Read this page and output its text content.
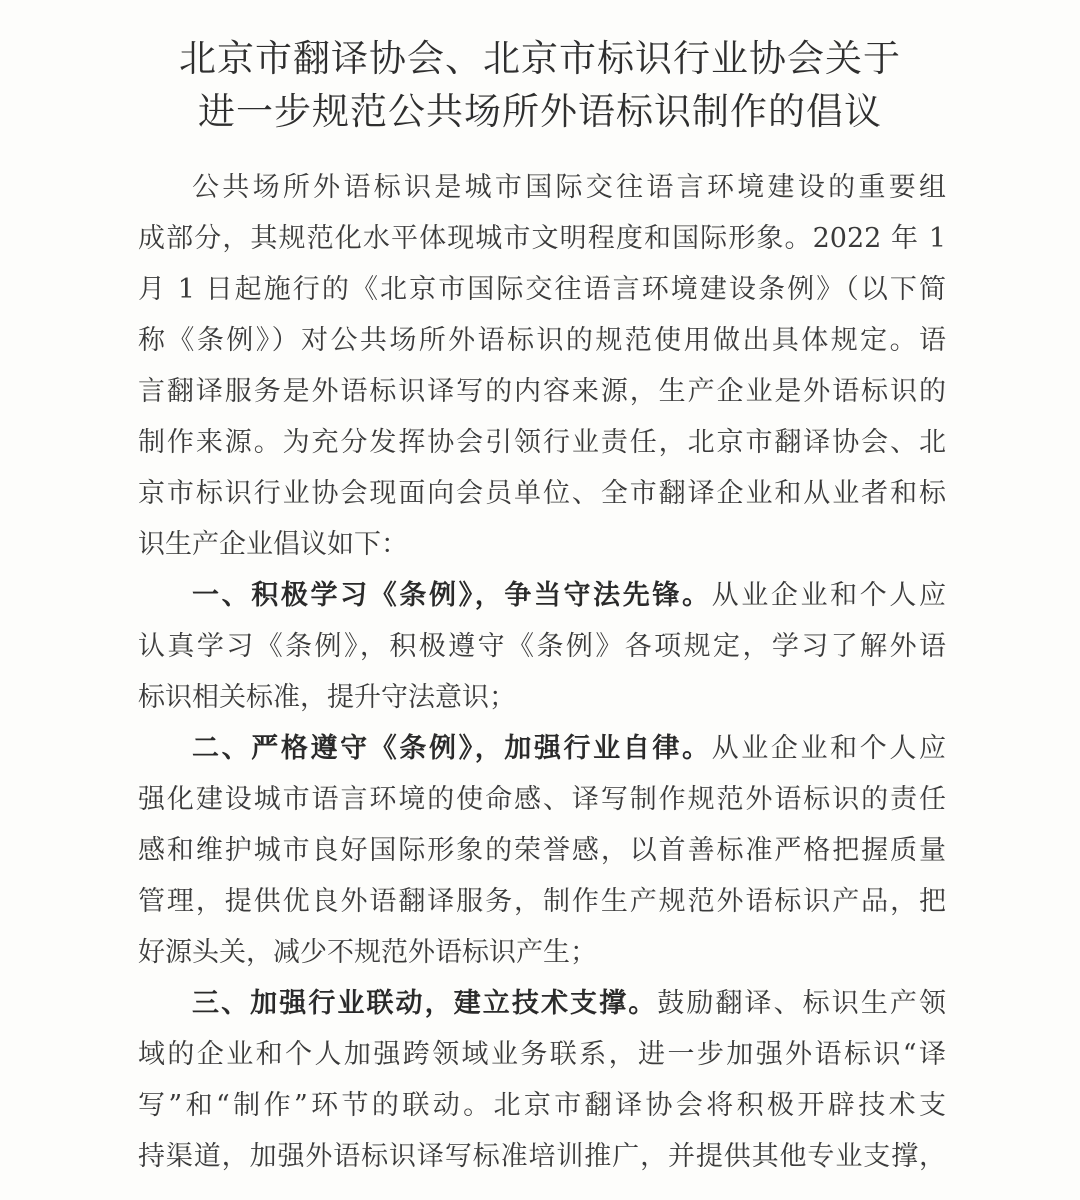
北京市翻译协会、北京市标识行业协会关于
进一步规范公共场所外语标识制作的倡议
公共场所外语标识是城市国际交往语言环境建设的重要组
成部分，其规范化水平体现城市文明程度和国际形象。2022 年 1
月 1 日起施行的《北京市国际交往语言环境建设条例》（以下简
称《条例》）对公共场所外语标识的规范使用做出具体规定。语
言翻译服务是外语标识译写的内容来源，生产企业是外语标识的
制作来源。为充分发挥协会引领行业责任，北京市翻译协会、北
京市标识行业协会现面向会员单位、全市翻译企业和从业者和标
识生产企业倡议如下：
一、积极学习《条例》，争当守法先锋。从业企业和个人应
认真学习《条例》，积极遵守《条例》各项规定，学习了解外语
标识相关标准，提升守法意识；
二、严格遵守《条例》，加强行业自律。从业企业和个人应
强化建设城市语言环境的使命感、译写制作规范外语标识的责任
感和维护城市良好国际形象的荣誉感，以首善标准严格把握质量
管理，提供优良外语翻译服务，制作生产规范外语标识产品，把
好源头关，减少不规范外语标识产生；
三、加强行业联动，建立技术支撑。鼓励翻译、标识生产领
域的企业和个人加强跨领域业务联系，进一步加强外语标识“译
写”和“制作”环节的联动。北京市翻译协会将积极开辟技术支
持渠道，加强外语标识译写标准培训推广，并提供其他专业支撑，
